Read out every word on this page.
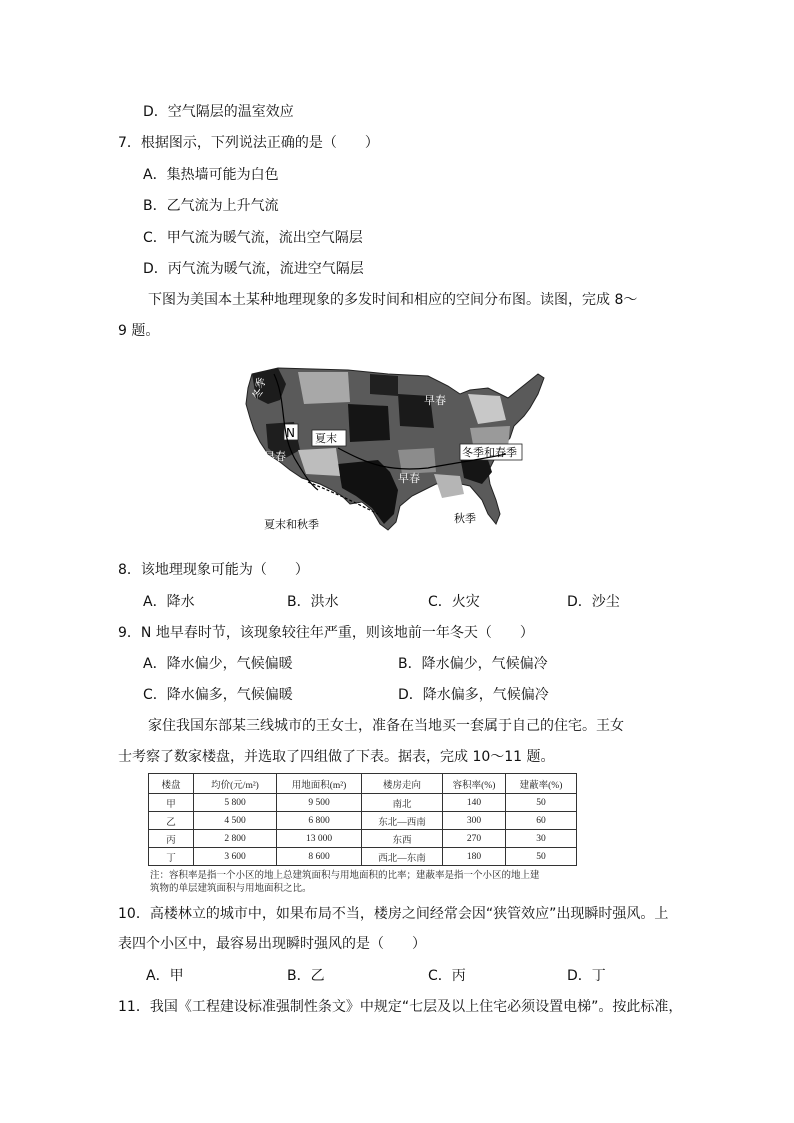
D．空气隔层的温室效应
7．根据图示，下列说法正确的是（　　）
A．集热墙可能为白色
B．乙气流为上升气流
C．甲气流为暖气流，流出空气隔层
D．丙气流为暖气流，流进空气隔层
下图为美国本土某种地理现象的多发时间和相应的空间分布图。读图，完成 8～
9 题。
冬季
N 夏末
早春
早春
早春
冬季和春季
夏末和秋季	秋季
8．该地理现象可能为（　　）
A．降水	B．洪水	C．火灾	D．沙尘
9．N 地早春时节，该现象较往年严重，则该地前一年冬天（　　）
A．降水偏少，气候偏暖	B．降水偏少，气候偏冷
C．降水偏多，气候偏暖	D．降水偏多，气候偏冷
家住我国东部某三线城市的王女士，准备在当地买一套属于自己的住宅。王女
士考察了数家楼盘，并选取了四组做了下表。据表，完成 10～11 题。
楼盘	均价(元/m²)	用地面积(m²)	楼房走向	容积率(%)	建蔽率(%)
甲	5 800	9 500	南北	140	50
乙	4 500	6 800	东北—西南	300	60
丙	2 800	13 000	东西	270	30
丁	3 600	8 600	西北—东南	180	50
注：容积率是指一个小区的地上总建筑面积与用地面积的比率；建蔽率是指一个小区的地上建
筑物的单层建筑面积与用地面积之比。
10．高楼林立的城市中，如果布局不当，楼房之间经常会因“狭管效应”出现瞬时强风。上
表四个小区中，最容易出现瞬时强风的是（　　）
A．甲	B．乙	C．丙	D．丁
11．我国《工程建设标准强制性条文》中规定“七层及以上住宅必须设置电梯”。按此标准，
